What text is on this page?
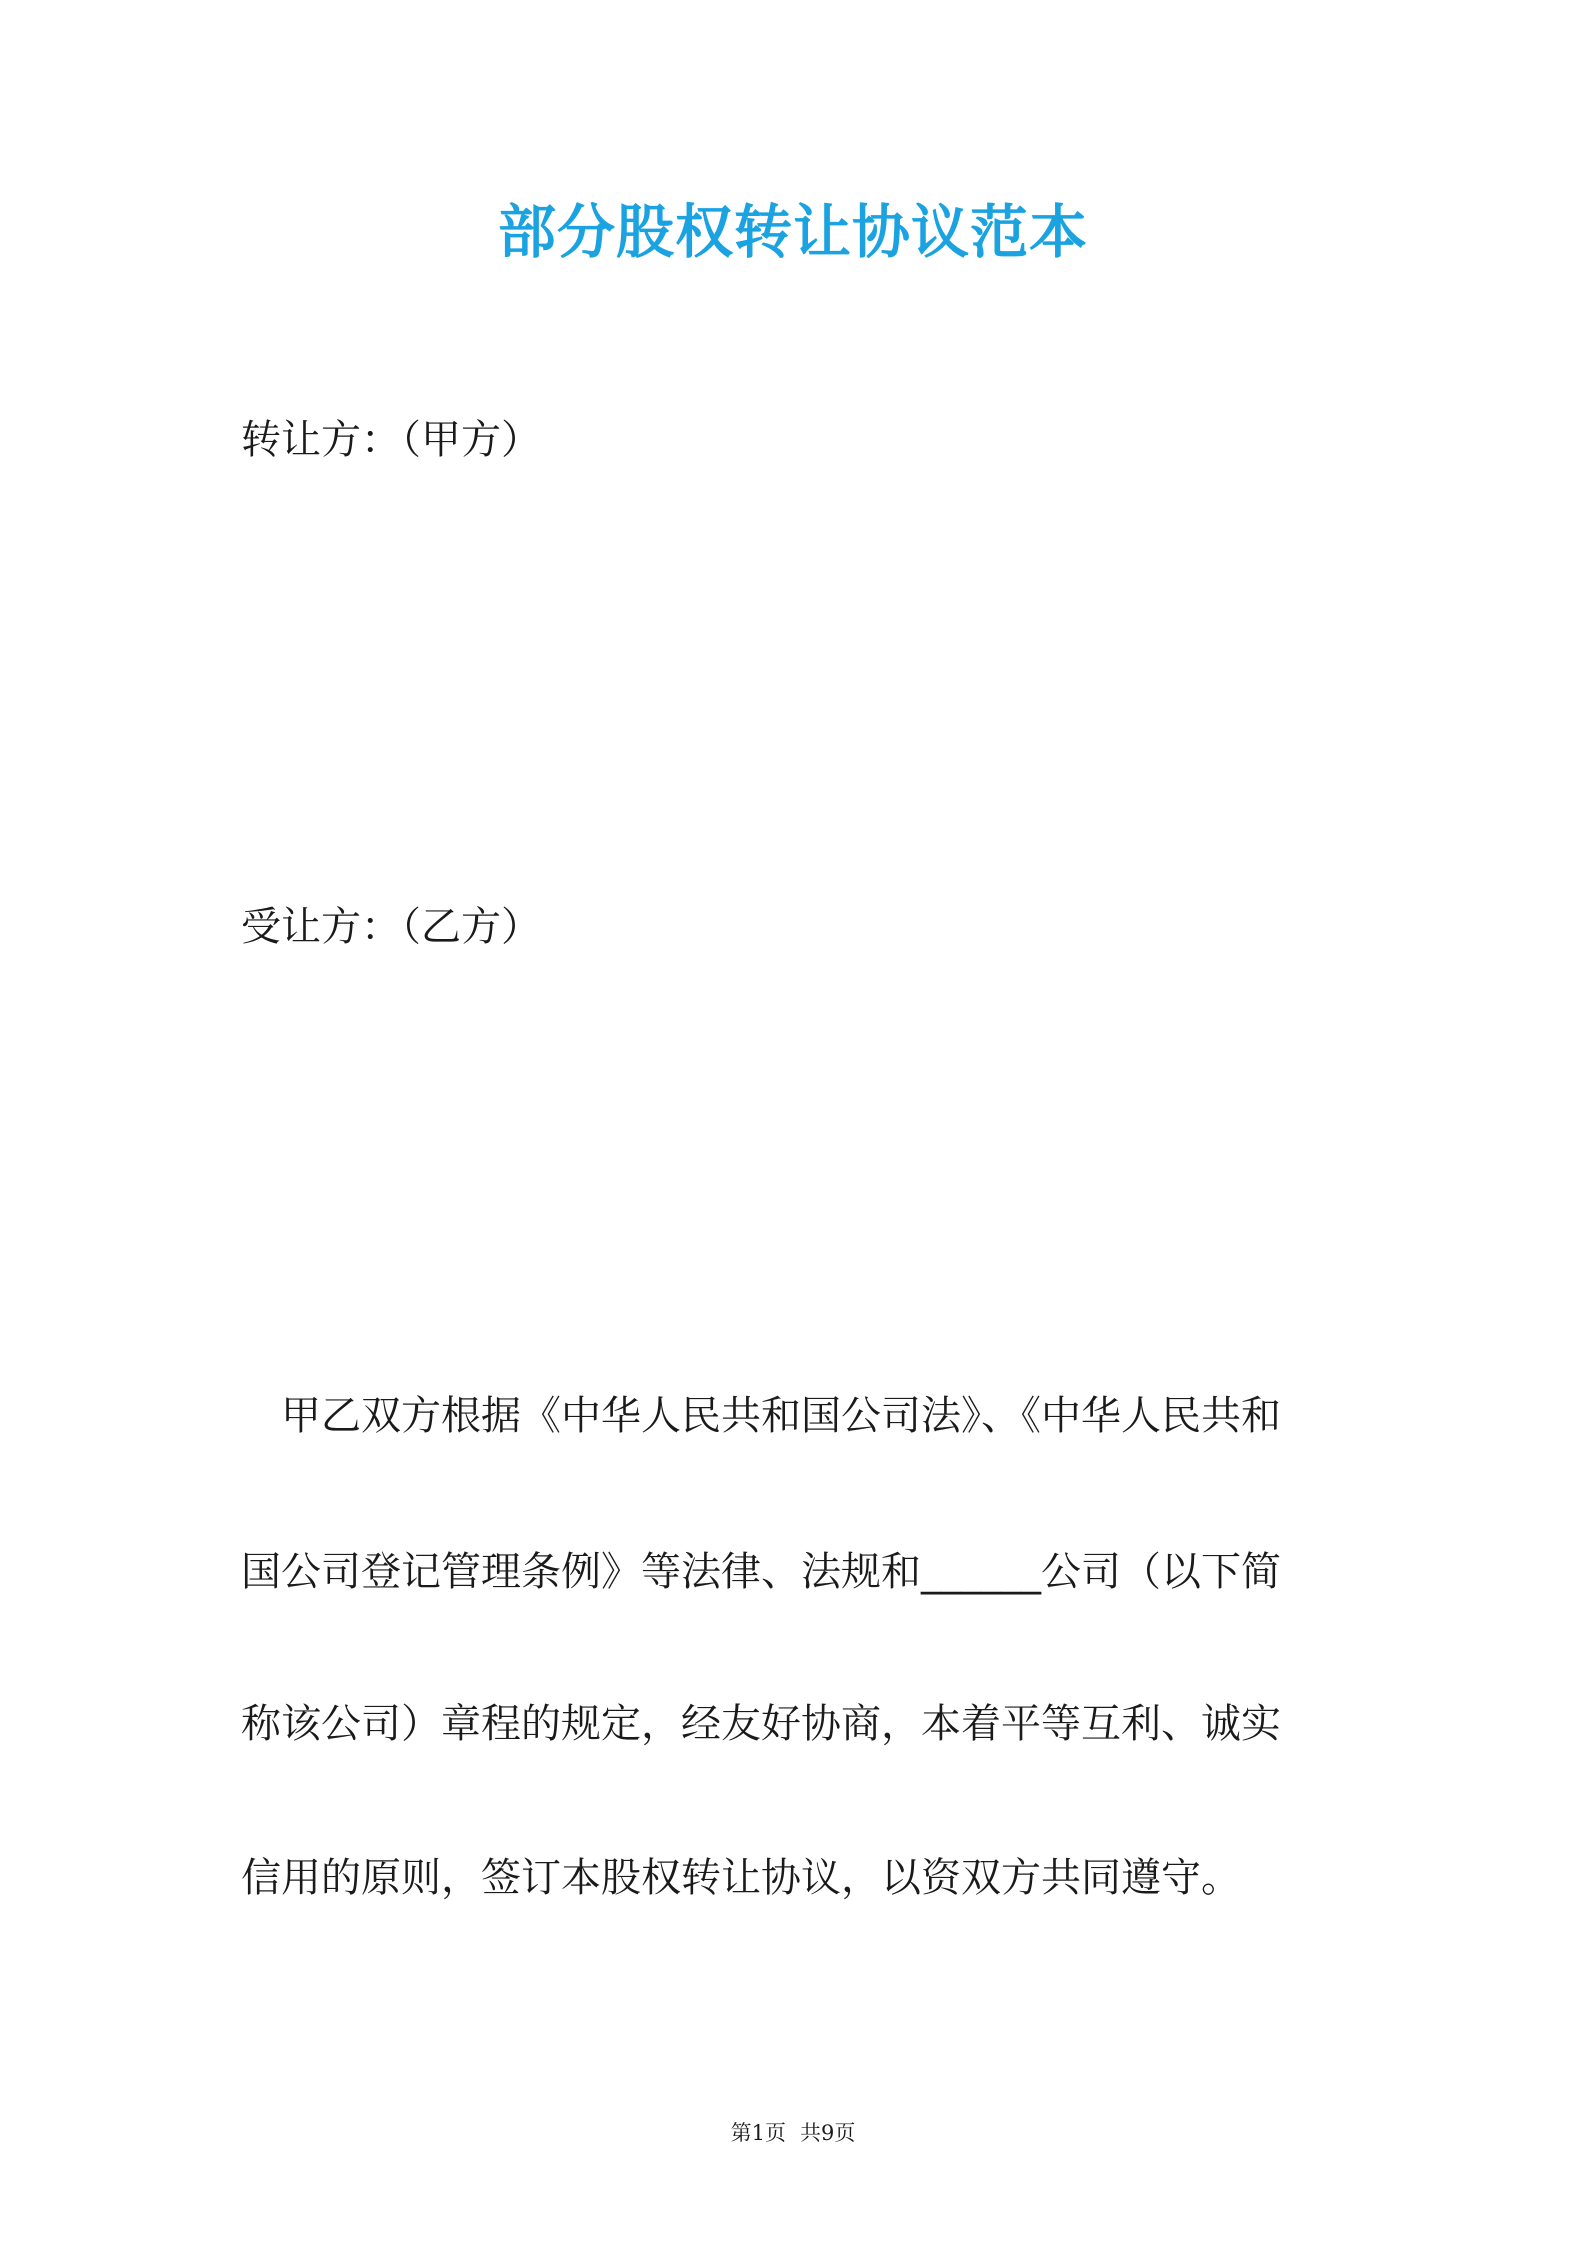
部分股权转让协议范本
转让方：（甲方）
受让方：（乙方）
　甲乙双方根据《中华人民共和国公司法》、《中华人民共和
国公司登记管理条例》等法律、法规和______公司（以下简
称该公司）章程的规定，经友好协商，本着平等互利、诚实
信用的原则，签订本股权转让协议，以资双方共同遵守。
第1页 共9页
